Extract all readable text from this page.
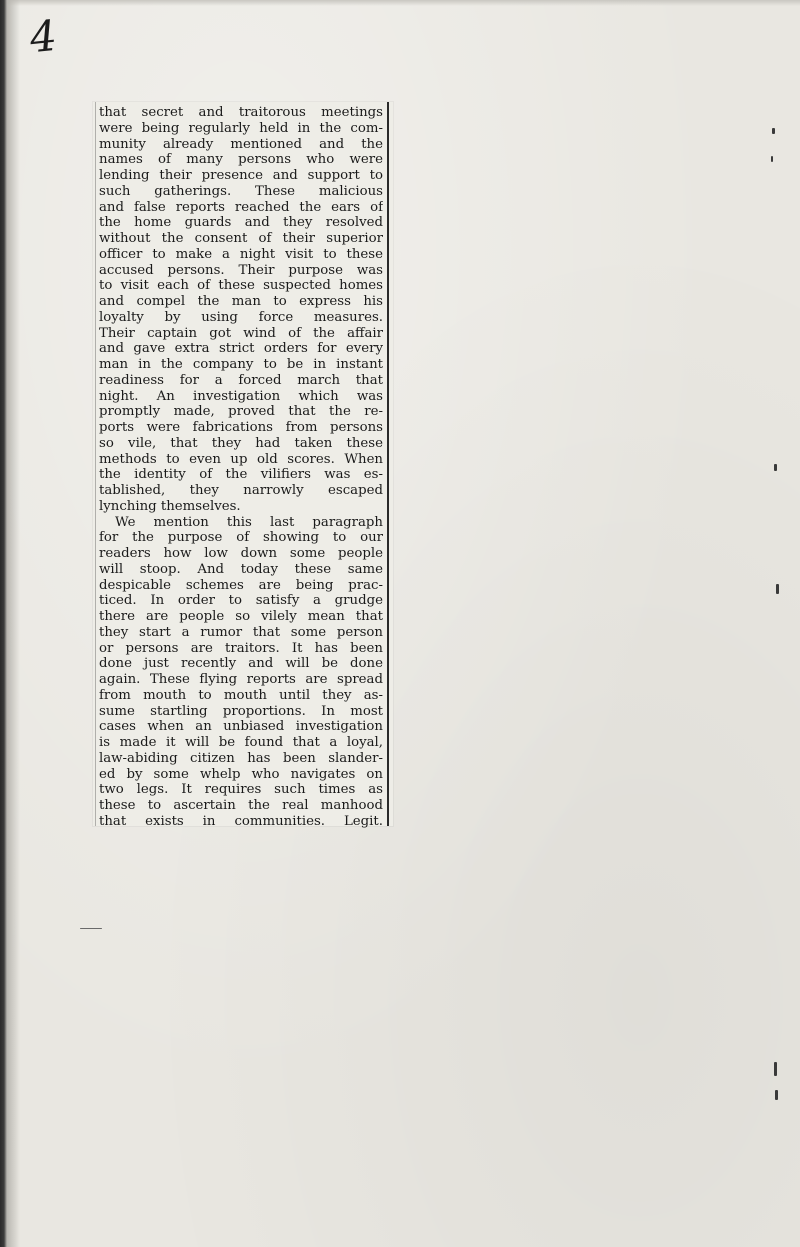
4
that secret and traitorous meetings
were being regularly held in the com-
munity already mentioned and the
names of many persons who were
lending their presence and support to
such gatherings. These malicious
and false reports reached the ears of
the home guards and they resolved
without the consent of their superior
officer to make a night visit to these
accused persons. Their purpose was
to visit each of these suspected homes
and compel the man to express his
loyalty by using force measures.
Their captain got wind of the affair
and gave extra strict orders for every
man in the company to be in instant
readiness for a forced march that
night. An investigation which was
promptly made, proved that the re-
ports were fabrications from persons
so vile, that they had taken these
methods to even up old scores. When
the identity of the vilifiers was es-
tablished, they narrowly escaped
lynching themselves.
We mention this last paragraph
for the purpose of showing to our
readers how low down some people
will stoop. And today these same
despicable schemes are being prac-
ticed. In order to satisfy a grudge
there are people so vilely mean that
they start a rumor that some person
or persons are traitors. It has been
done just recently and will be done
again. These flying reports are spread
from mouth to mouth until they as-
sume startling proportions. In most
cases when an unbiased investigation
is made it will be found that a loyal,
law-abiding citizen has been slander-
ed by some whelp who navigates on
two legs. It requires such times as
these to ascertain the real manhood
that exists in communities. Legit.
